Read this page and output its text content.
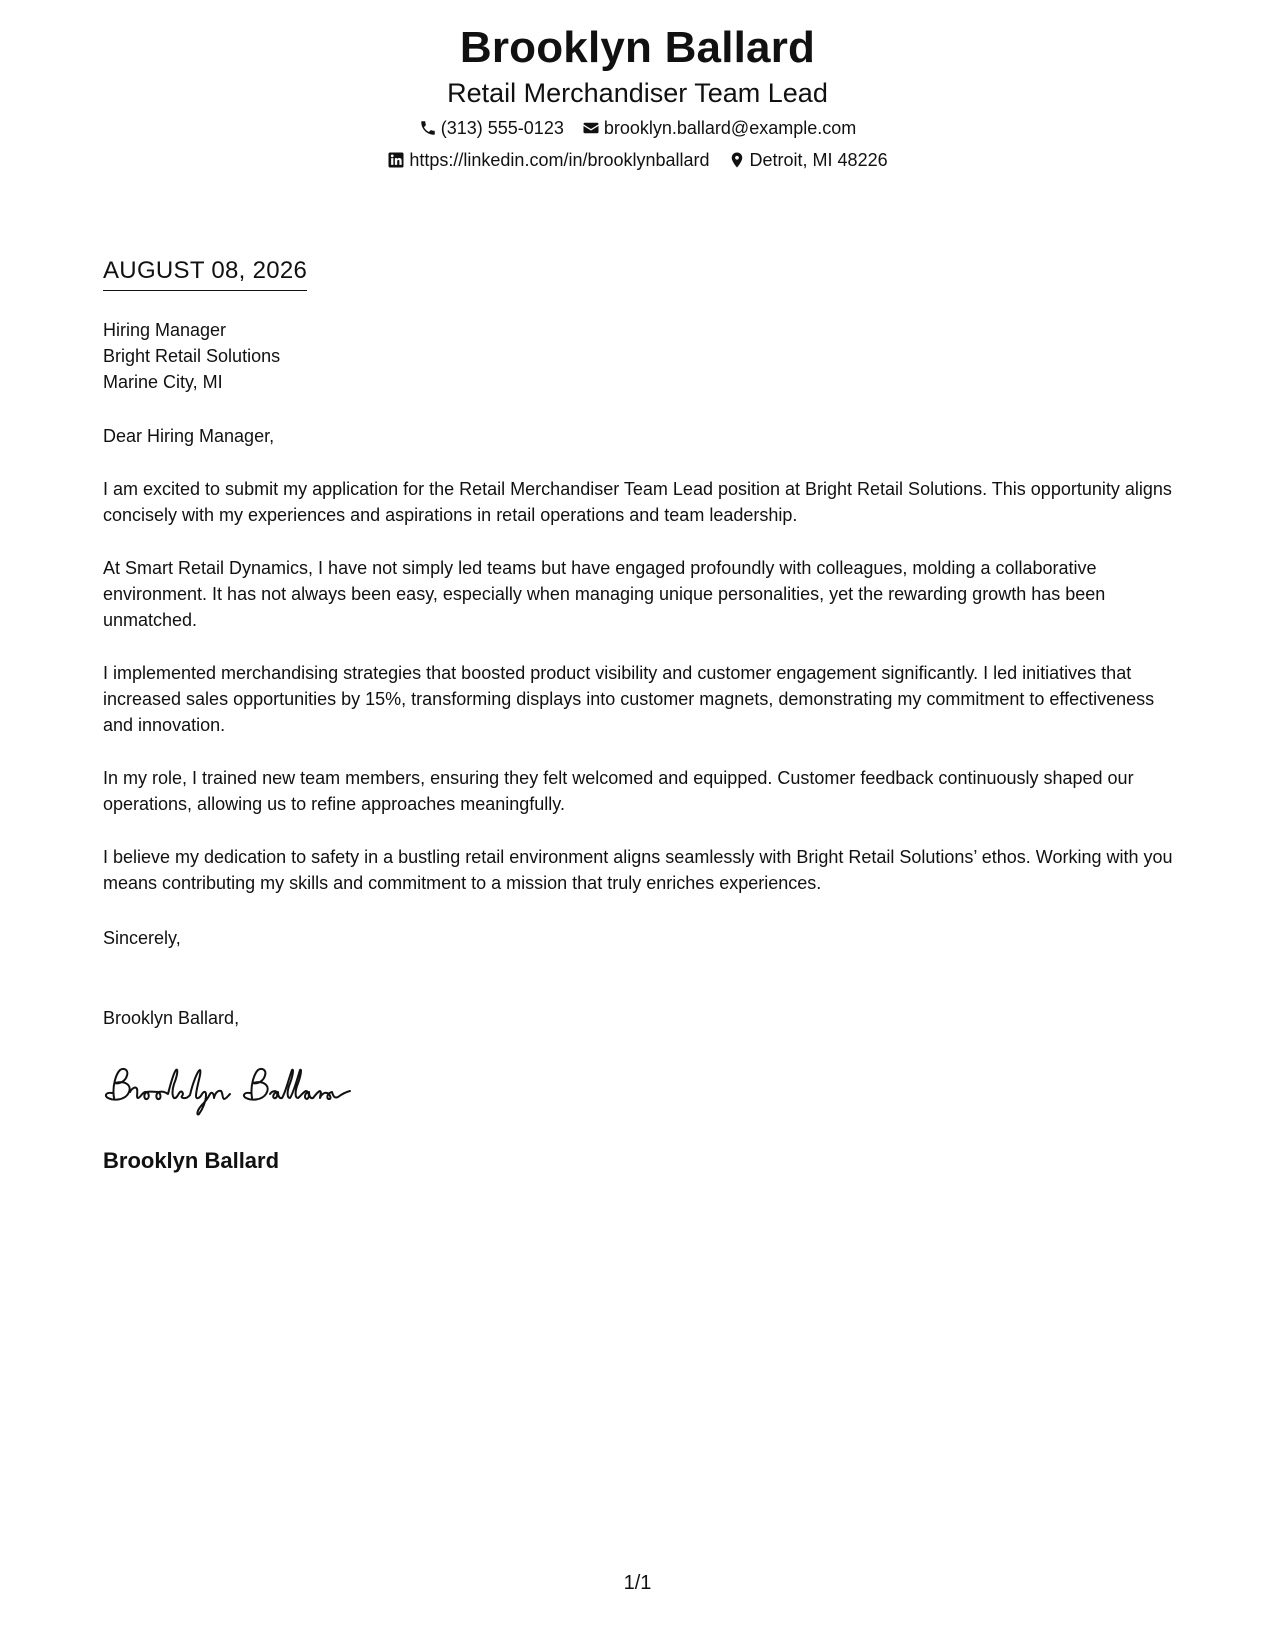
Brooklyn Ballard
Retail Merchandiser Team Lead
(313) 555-0123 brooklyn.ballard@example.com
https://linkedin.com/in/brooklynballard Detroit, MI 48226
AUGUST 08, 2026
Hiring Manager
Bright Retail Solutions
Marine City, MI

Dear Hiring Manager,

I am excited to submit my application for the Retail Merchandiser Team Lead position at Bright Retail Solutions. This opportunity aligns concisely with my experiences and aspirations in retail operations and team leadership.

At Smart Retail Dynamics, I have not simply led teams but have engaged profoundly with colleagues, molding a collaborative environment. It has not always been easy, especially when managing unique personalities, yet the rewarding growth has been unmatched.

I implemented merchandising strategies that boosted product visibility and customer engagement significantly. I led initiatives that increased sales opportunities by 15%, transforming displays into customer magnets, demonstrating my commitment to effectiveness and innovation.

In my role, I trained new team members, ensuring they felt welcomed and equipped. Customer feedback continuously shaped our operations, allowing us to refine approaches meaningfully.

I believe my dedication to safety in a bustling retail environment aligns seamlessly with Bright Retail Solutions’ ethos. Working with you means contributing my skills and commitment to a mission that truly enriches experiences.

Sincerely,
Brooklyn Ballard,
Brooklyn Ballard
1/1
